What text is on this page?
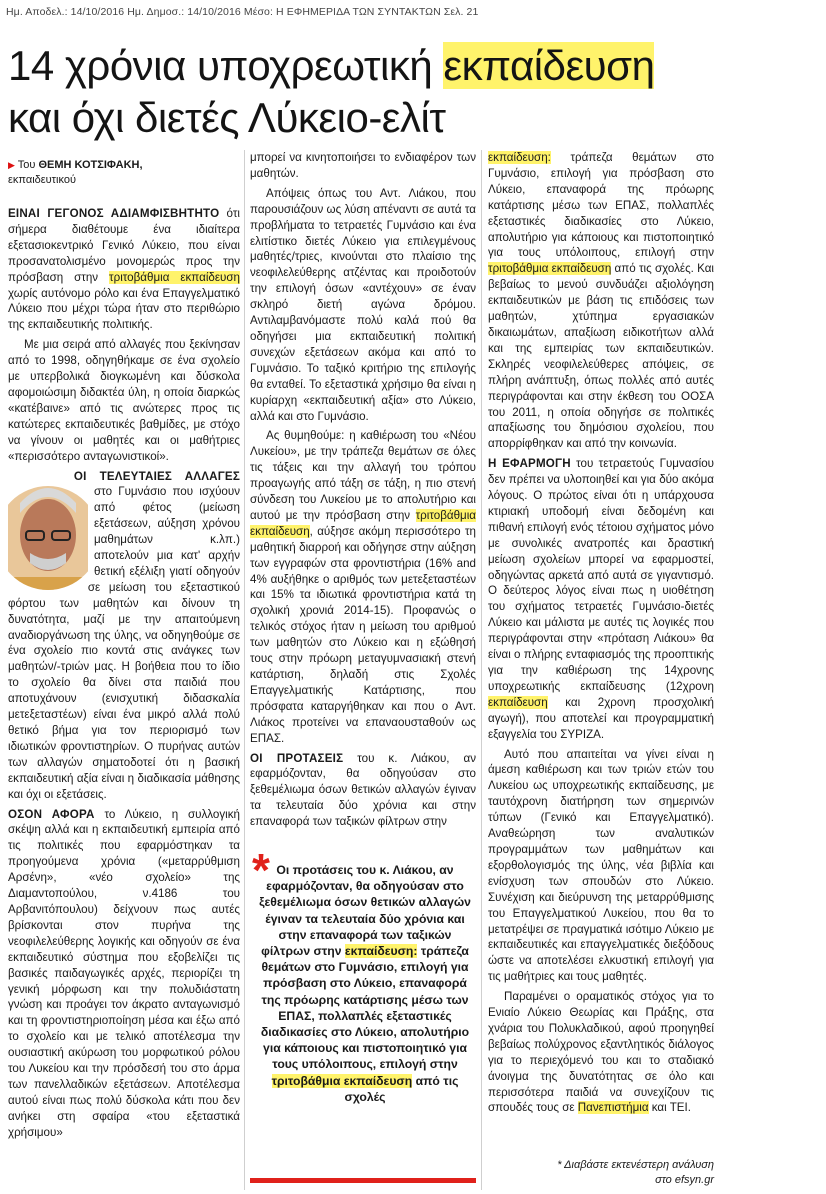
Ημ. Αποδελ.: 14/10/2016 Ημ. Δημοσ.: 14/10/2016 Μέσο: Η ΕΦΗΜΕΡΙΔΑ ΤΩΝ ΣΥΝΤΑΚΤΩΝ Σελ. 21
14 χρόνια υποχρεωτική εκπαίδευση
και όχι διετές Λύκειο-ελίτ
▶ Του ΘΕΜΗ ΚΟΤΣΙΦΑΚΗ,
εκπαιδευτικού

ΕΙΝΑΙ ΓΕΓΟΝΟΣ ΑΔΙΑΜΦΙΣΒΗΤΗΤΟ ότι σήμερα διαθέτουμε ένα ιδιαίτερα εξετασιοκεντρικό Γενικό Λύκειο, που είναι προσανατολισμένο μονομερώς προς την πρόσβαση στην τριτοβάθμια εκπαίδευση χωρίς αυτόνομο ρόλο και ένα Επαγγελματικό Λύκειο που μέχρι τώρα ήταν στο περιθώριο της εκπαιδευτικής πολιτικής.

Με μια σειρά από αλλαγές που ξεκίνησαν από το 1998, οδηγηθήκαμε σε ένα σχολείο με υπερβολικά διογκωμένη και δύσκολα αφομοιώσιμη διδακτέα ύλη, η οποία διαρκώς «κατέβαινε» από τις ανώτερες προς τις κατώτερες εκπαιδευτικές βαθμίδες, με στόχο να γίνουν οι μαθητές και οι μαθήτριες «περισσότερο ανταγωνιστικοί».

ΟΙ ΤΕΛΕΥΤΑΙΕΣ ΑΛΛΑΓΕΣ στο Γυμνάσιο που ισχύουν από φέτος (μείωση εξετάσεων, αύξηση χρόνου μαθημάτων κ.λπ.) αποτελούν μια κατ' αρχήν θετική εξέλιξη γιατί οδηγούν σε μείωση του εξεταστικού φόρτου των μαθητών και δίνουν τη δυνατότητα, μαζί με την απαιτούμενη αναδιοργάνωση της ύλης, να οδηγηθούμε σε ένα σχολείο πιο κοντά στις ανάγκες των μαθητών/-τριών μας. Η βοήθεια που το ίδιο το σχολείο θα δίνει στα παιδιά που αποτυχάνουν (ενισχυτική διδασκαλία μετεξεταστέων) είναι ένα μικρό αλλά πολύ θετικό βήμα για τον περιορισμό των ιδιωτικών φροντιστηρίων. Ο πυρήνας αυτών των αλλαγών σηματοδοτεί ότι η βασική εκπαιδευτική αξία είναι η διαδικασία μάθησης και όχι οι εξετάσεις.

ΟΣΟΝ ΑΦΟΡΑ το Λύκειο, η συλλογική σκέψη αλλά και η εκπαιδευτική εμπειρία από τις πολιτικές που εφαρμόστηκαν τα προηγούμενα χρόνια («μεταρρύθμιση Αρσένη», «νέο σχολείο» της Διαμαντοπούλου, ν.4186 του Αρβανιτόπουλου) δείχνουν πως αυτές βρίσκονται στον πυρήνα της νεοφιλελεύθερης λογικής και οδηγούν σε ένα εκπαιδευτικό σύστημα που εξοβελίζει τις βασικές παιδαγωγικές αρχές, περιορίζει τη γενική μόρφωση και την πολυδιάστατη γνώση και προάγει τον άκρατο ανταγωνισμό και τη φροντιστηριοποίηση μέσα και έξω από το σχολείο και με τελικό αποτέλεσμα την ουσιαστική ακύρωση του μορφωτικού ρόλου του Λυκείου και την πρόσδεσή του στο άρμα των πανελλαδικών εξετάσεων. Αποτέλεσμα αυτού είναι πως πολύ δύσκολα κάτι που δεν ανήκει στη σφαίρα «του εξεταστικά χρήσιμου»

μπορεί να κινητοποιήσει το ενδιαφέρον των μαθητών.

Απόψεις όπως του Αντ. Λιάκου, που παρουσιάζουν ως λύση απέναντι σε αυτά τα προβλήματα το τετραετές Γυμνάσιο και ένα ελιτίστικο διετές Λύκειο για επιλεγμένους μαθητές/τριες, κινούνται στο πλαίσιο της νεοφιλελεύθερης ατζέντας και προιδοτούν την επιλογή όσων «αντέχουν» σε έναν σκληρό διετή αγώνα δρόμου. Αντιλαμβανόμαστε πολύ καλά πού θα οδηγήσει μια εκπαιδευτική πολιτική συνεχών εξετάσεων ακόμα και από το Γυμνάσιο. Το ταξικό κριτήριο της επιλογής θα ενταθεί. Το εξεταστικά χρήσιμο θα είναι η κυρίαρχη «εκπαιδευτική αξία» στο Λύκειο, αλλά και στο Γυμνάσιο.

Ας θυμηθούμε: η καθιέρωση του «Νέου Λυκείου», με την τράπεζα θεμάτων σε όλες τις τάξεις και την αλλαγή του τρόπου προαγωγής από τάξη σε τάξη, η πιο στενή σύνδεση του Λυκείου με το απολυτήριο και αυτού με την πρόσβαση στην τριτοβάθμια εκπαίδευση, αύξησε ακόμη περισσότερο τη μαθητική διαρροή και οδήγησε στην αύξηση των εγγραφών στα φροντιστήρια (16% and 4% αυξήθηκε ο αριθμός των μετεξεταστέων και 15% τα ιδιωτικά φροντιστήρια κατά τη σχολική χρονιά 2014-15). Προφανώς ο τελικός στόχος ήταν η μείωση του αριθμού των μαθητών στο Λύκειο και η εξώθησή τους στην πρόωρη μεταγυμνασιακή στενή κατάρτιση, δηλαδή στις Σχολές Επαγγελματικής Κατάρτισης, που πρόσφατα καταργήθηκαν και που ο Αντ. Λιάκος προτείνει να επαναουσταθούν ως ΕΠΑΣ.

ΟΙ ΠΡΟΤΑΣΕΙΣ του κ. Λιάκου, αν εφαρμόζονταν, θα οδηγούσαν στο ξεθεμέλιωμα όσων θετικών αλλαγών έγιναν τα τελευταία δύο χρόνια και στην επαναφορά των ταξικών φίλτρων στην

* Οι προτάσεις του κ. Λιάκου, αν εφαρμόζονταν, θα οδηγούσαν στο ξεθεμέλιωμα όσων θετικών αλλαγών έγιναν τα τελευταία δύο χρόνια και στην επαναφορά των ταξικών φίλτρων στην εκπαίδευση: τράπεζα θεμάτων στο Γυμνάσιο, επιλογή για πρόσβαση στο Λύκειο, επαναφορά της πρόωρης κατάρτισης μέσω των ΕΠΑΣ, πολλαπλές εξεταστικές διαδικασίες στο Λύκειο, απολυτήριο για κάποιους και πιστοποιητικό για τους υπόλοιπους, επιλογή στην τριτοβάθμια εκπαίδευση από τις σχολές

εκπαίδευση: τράπεζα θεμάτων στο Γυμνάσιο, επιλογή για πρόσβαση στο Λύκειο, επαναφορά της πρόωρης κατάρτισης μέσω των ΕΠΑΣ, πολλαπλές εξεταστικές διαδικασίες στο Λύκειο, απολυτήριο για κάποιους και πιστοποιητικό για τους υπόλοιπους, επιλογή στην τριτοβάθμια εκπαίδευση από τις σχολές. Και βεβαίως το μενού συνδυάζει αξιολόγηση εκπαιδευτικών με βάση τις επιδόσεις των μαθητών, χτύπημα εργασιακών δικαιωμάτων, απαξίωση ειδικοτήτων αλλά και της εμπειρίας των εκπαιδευτικών. Σκληρές νεοφιλελεύθερες απόψεις, σε πλήρη ανάπτυξη, όπως πολλές από αυτές περιγράφονται και στην έκθεση του ΟΟΣΑ του 2011, η οποία οδηγήσε σε πολιτικές απαξίωσης του δημόσιου σχολείου, που απορρίφθηκαν και από την κοινωνία.

Η ΕΦΑΡΜΟΓΗ του τετραετούς Γυμνασίου δεν πρέπει να υλοποιηθεί και για δύο ακόμα λόγους. Ο πρώτος είναι ότι η υπάρχουσα κτιριακή υποδομή είναι δεδομένη και πιθανή επιλογή ενός τέτοιου σχήματος μόνο με συνολικές ανατροπές και δραστική μείωση σχολείων μπορεί να εφαρμοστεί, οδηγώντας αρκετά από αυτά σε γιγαντισμό. Ο δεύτερος λόγος είναι πως η υιοθέτηση του σχήματος τετραετές Γυμνάσιο-διετές Λύκειο και μάλιστα με αυτές τις λογικές που περιγράφονται στην «πρόταση Λιάκου» θα είναι ο πλήρης ενταφιασμός της προοπτικής για την καθιέρωση της 14χρονης υποχρεωτικής εκπαίδευσης (12χρονη εκπαίδευση και 2χρονη προσχολική αγωγή), που αποτελεί και προγραμματική εξαγγελία του ΣΥΡΙΖΑ.

Αυτό που απαιτείται να γίνει είναι η άμεση καθιέρωση και των τριών ετών του Λυκείου ως υποχρεωτικής εκπαίδευσης, με ταυτόχρονη διατήρηση των σημερινών τύπων (Γενικό και Επαγγελματικό). Αναθεώρηση των αναλυτικών προγραμμάτων των μαθημάτων και εξορθολογισμός της ύλης, νέα βιβλία και ενίσχυση των σπουδών στο Λύκειο. Συνέχιση και διεύρυνση της μεταρρύθμισης του Επαγγελματικού Λυκείου, που θα το μετατρέψει σε πραγματικά ισότιμο Λύκειο με εκπαιδευτικές και επαγγελματικές διεξόδους ώστε να αποτελέσει ελκυστική επιλογή για τις μαθήτριες και τους μαθητές.

Παραμένει ο οραματικός στόχος για το Ενιαίο Λύκειο Θεωρίας και Πράξης, στα χνάρια του Πολυκλαδικού, αφού προηγηθεί βεβαίως πολύχρονος εξαντλητικός διάλογος για το περιεχόμενό του και το σταδιακό άνοιγμα της δυνατότητας σε όλο και περισσότερα παιδιά να συνεχίζουν τις σπουδές τους σε Πανεπιστήμια και ΤΕΙ.

* Διαβάστε εκτενέστερη ανάλυση
στο efsyn.gr
